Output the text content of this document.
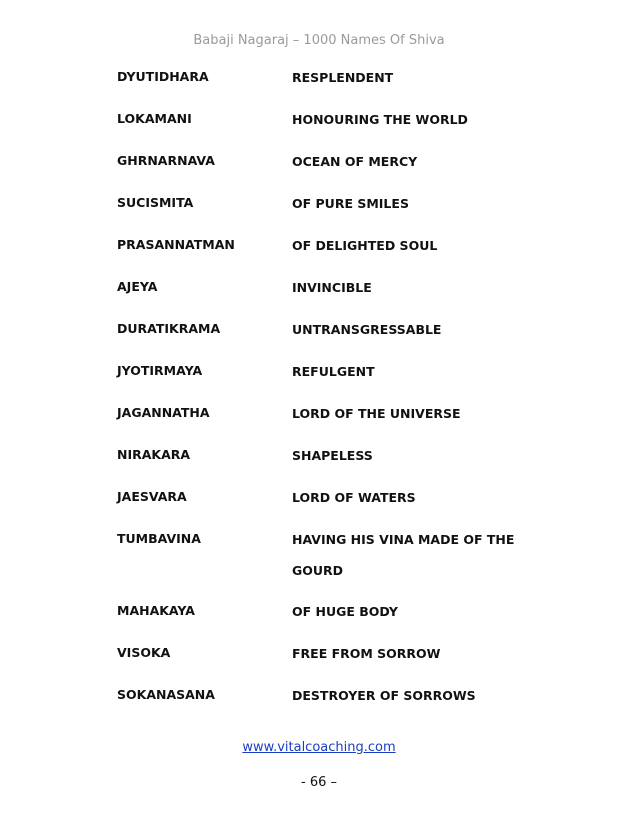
Babaji Nagaraj – 1000 Names Of Shiva
DYUTIDHARA	RESPLENDENT
LOKAMANI	HONOURING THE WORLD
GHRNARNAVA	OCEAN OF MERCY
SUCISMITA	OF PURE SMILES
PRASANNATMAN	OF DELIGHTED SOUL
AJEYA	INVINCIBLE
DURATIKRAMA	UNTRANSGRESSABLE
JYOTIRMAYA	REFULGENT
JAGANNATHA	LORD OF THE UNIVERSE
NIRAKARA	SHAPELESS
JAESVARA	LORD OF WATERS
TUMBAVINA	HAVING HIS VINA MADE OF THE GOURD
MAHAKAYA	OF HUGE BODY
VISOKA	FREE FROM SORROW
SOKANASANA	DESTROYER OF SORROWS
www.vitalcoaching.com
- 66 –
